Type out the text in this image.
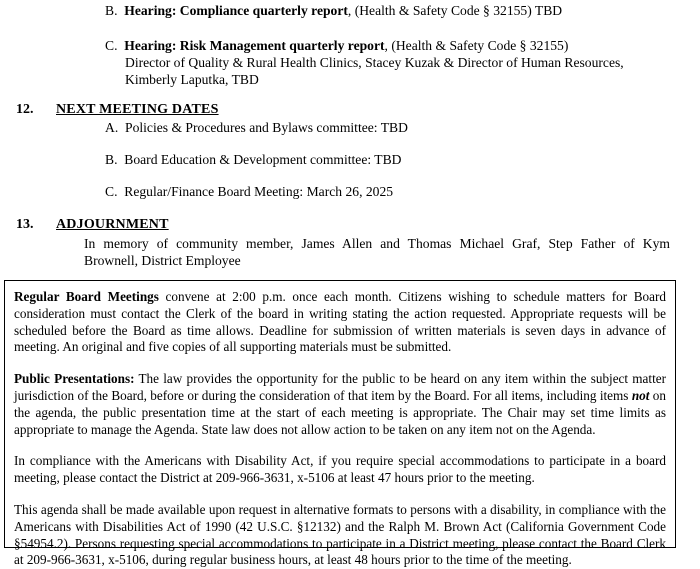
B. Hearing: Compliance quarterly report, (Health & Safety Code § 32155) TBD
C. Hearing: Risk Management quarterly report, (Health & Safety Code § 32155)
Director of Quality & Rural Health Clinics, Stacey Kuzak & Director of Human Resources,
Kimberly Laputka, TBD
12. NEXT MEETING DATES
A. Policies & Procedures and Bylaws committee: TBD
B. Board Education & Development committee: TBD
C. Regular/Finance Board Meeting: March 26, 2025
13. ADJOURNMENT
In memory of community member, James Allen and Thomas Michael Graf, Step Father of Kym
Brownell, District Employee

Regular Board Meetings convene at 2:00 p.m. once each month. Citizens wishing to schedule matters for Board consideration must contact the Clerk of the board in writing stating the action requested. Appropriate requests will be scheduled before the Board as time allows. Deadline for submission of written materials is seven days in advance of meeting. An original and five copies of all supporting materials must be submitted.

Public Presentations: The law provides the opportunity for the public to be heard on any item within the subject matter jurisdiction of the Board, before or during the consideration of that item by the Board. For all items, including items not on the agenda, the public presentation time at the start of each meeting is appropriate. The Chair may set time limits as appropriate to manage the Agenda. State law does not allow action to be taken on any item not on the Agenda.

In compliance with the Americans with Disability Act, if you require special accommodations to participate in a board meeting, please contact the District at 209-966-3631, x-5106 at least 47 hours prior to the meeting.

This agenda shall be made available upon request in alternative formats to persons with a disability, in compliance with the Americans with Disabilities Act of 1990 (42 U.S.C. §12132) and the Ralph M. Brown Act (California Government Code §54954.2). Persons requesting special accommodations to participate in a District meeting, please contact the Board Clerk at 209-966-3631, x-5106, during regular business hours, at least 48 hours prior to the time of the meeting.
